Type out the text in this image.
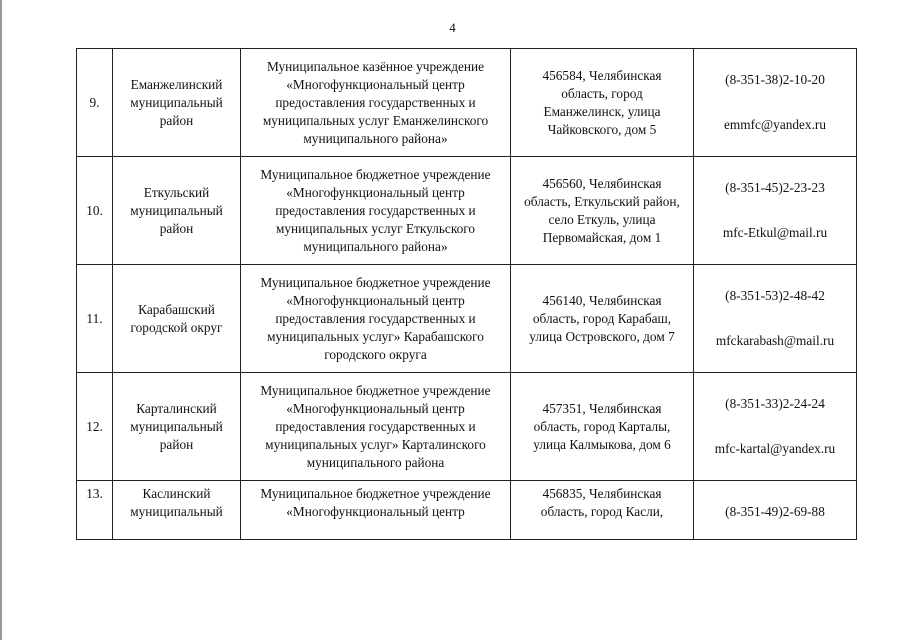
4
9.	Еманжелинский
муниципальный
район	Муниципальное казённое учреждение
«Многофункциональный центр
предоставления государственных и
муниципальных услуг Еманжелинского
муниципального района»	456584, Челябинская
область, город
Еманжелинск, улица
Чайковского, дом 5	(8-351-38)2-10-20

emmfc@yandex.ru

10.	Еткульский
муниципальный
район	Муниципальное бюджетное учреждение
«Многофункциональный центр
предоставления государственных и
муниципальных услуг Еткульского
муниципального района»	456560, Челябинская
область, Еткульский район,
село Еткуль, улица
Первомайская, дом 1	(8-351-45)2-23-23

mfc-Etkul@mail.ru

11.	Карабашский
городской округ	Муниципальное бюджетное учреждение
«Многофункциональный центр
предоставления государственных и
муниципальных услуг» Карабашского
городского округа	456140, Челябинская
область, город Карабаш,
улица Островского, дом 7	(8-351-53)2-48-42

mfckarabash@mail.ru

12.	Карталинский
муниципальный
район	Муниципальное бюджетное учреждение
«Многофункциональный центр
предоставления государственных и
муниципальных услуг» Карталинского
муниципального района	457351, Челябинская
область, город Карталы,
улица Калмыкова, дом 6	(8-351-33)2-24-24

mfc-kartal@yandex.ru

13.	Каслинский
муниципальный	Муниципальное бюджетное учреждение
«Многофункциональный центр	456835, Челябинская
область, город Касли,	(8-351-49)2-69-88
